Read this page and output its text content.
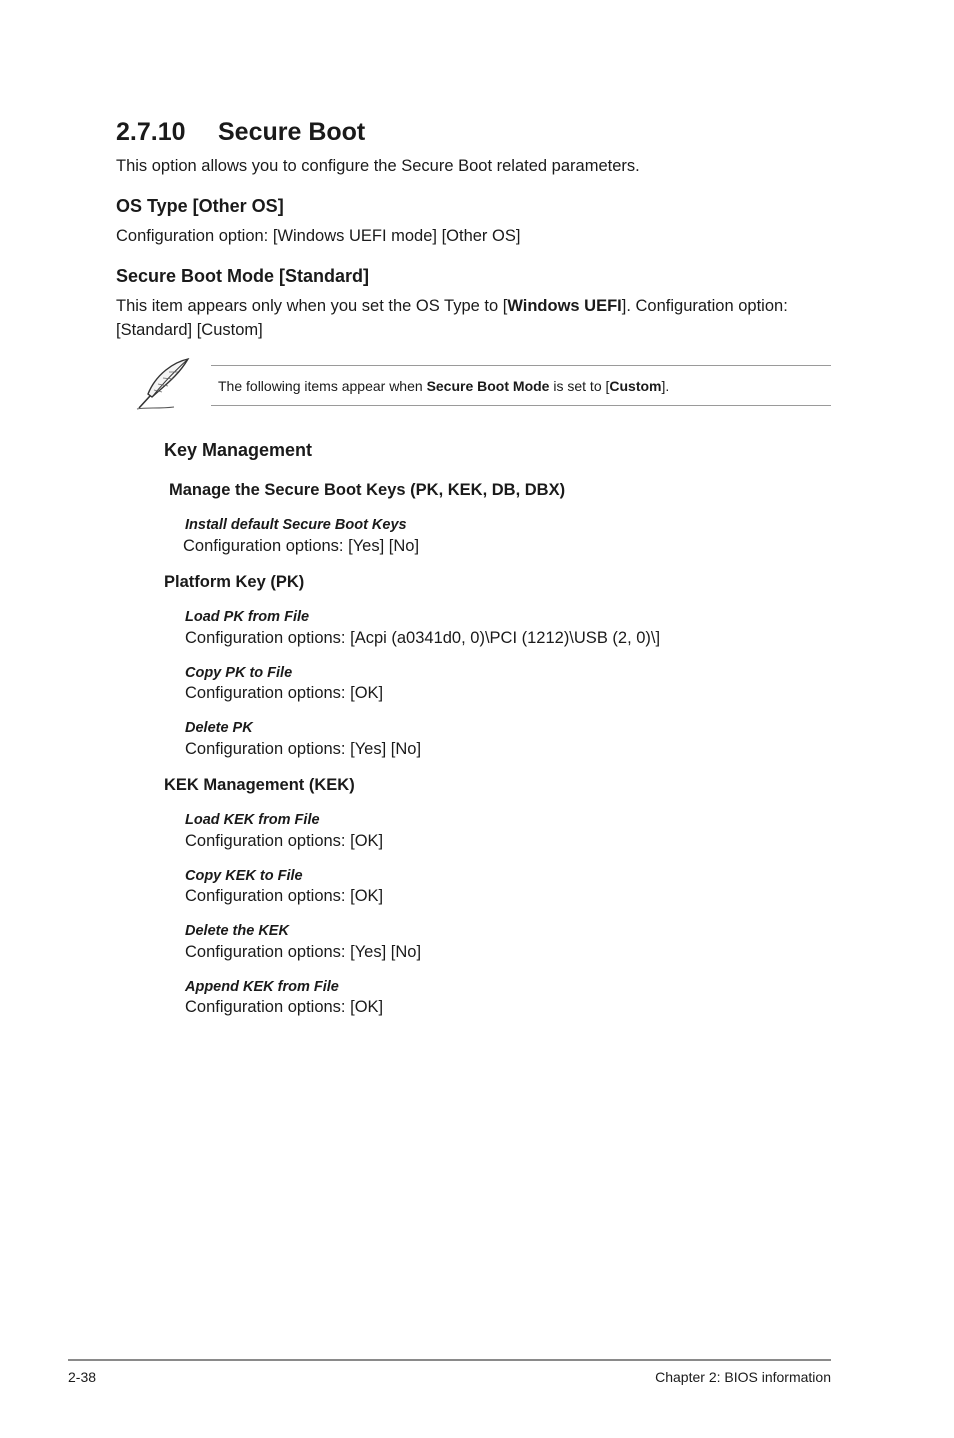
2.7.10 Secure Boot
This option allows you to configure the Secure Boot related parameters.
OS Type [Other OS]
Configuration option: [Windows UEFI mode] [Other OS]
Secure Boot Mode [Standard]
This item appears only when you set the OS Type to [Windows UEFI]. Configuration option:
[Standard] [Custom]
The following items appear when Secure Boot Mode is set to [Custom].
Key Management
Manage the Secure Boot Keys (PK, KEK, DB, DBX)
Install default Secure Boot Keys
Configuration options: [Yes] [No]
Platform Key (PK)
Load PK from File
Configuration options: [Acpi (a0341d0, 0)\PCI (1212)\USB (2, 0)\]
Copy PK to File
Configuration options: [OK]
Delete PK
Configuration options: [Yes] [No]
KEK Management (KEK)
Load KEK from File
Configuration options: [OK]
Copy KEK to File
Configuration options: [OK]
Delete the KEK
Configuration options: [Yes] [No]
Append KEK from File
Configuration options: [OK]
2-38	Chapter 2: BIOS information
